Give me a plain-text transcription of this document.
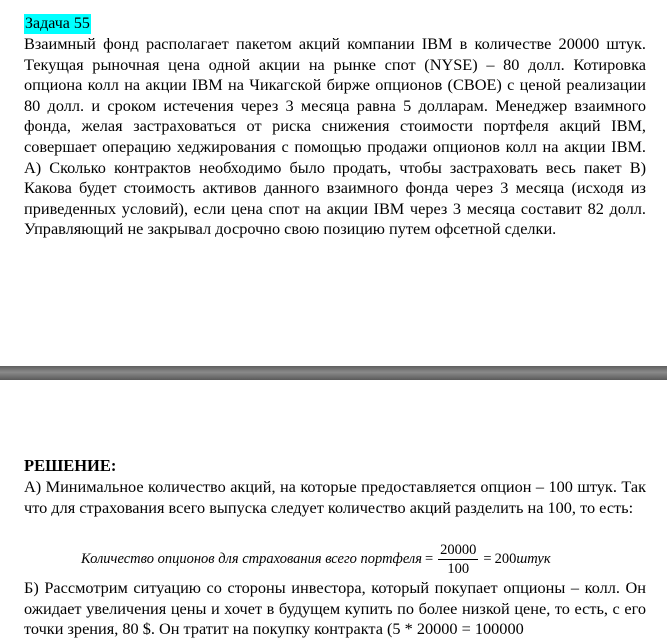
Задача 55
Взаимный фонд располагает пакетом акций компании IBM в количестве 20000 штук. Текущая рыночная цена одной акции на рынке спот (NYSE) – 80 долл. Котировка опциона колл на акции IBM на Чикагской бирже опционов (CBOE) с ценой реализации 80 долл. и сроком истечения через 3 месяца равна 5 долларам. Менеджер взаимного фонда, желая застраховаться от риска снижения стоимости портфеля акций IBM, совершает операцию хеджирования с помощью продажи опционов колл на акции IBM. A) Сколько контрактов необходимо было продать, чтобы застраховать весь пакет B) Какова будет стоимость активов данного взаимного фонда через 3 месяца (исходя из приведенных условий), если цена спот на акции IBM через 3 месяца составит 82 долл. Управляющий не закрывал досрочно свою позицию путем офсетной сделки.
РЕШЕНИЕ:
А) Минимальное количество акций, на которые предоставляется опцион – 100 штук. Так что для страхования всего выпуска следует количество акций разделить на 100, то есть:
Количество опционов для страхования всего портфеля = $\frac{20000}{100} = 200$ штук
Б) Рассмотрим ситуацию со стороны инвестора, который покупает опционы – колл. Он ожидает увеличения цены и хочет в будущем купить по более низкой цене, то есть, с его точки зрения, 80 $. Он тратит на покупку контракта (5 * 20000 = 100000
